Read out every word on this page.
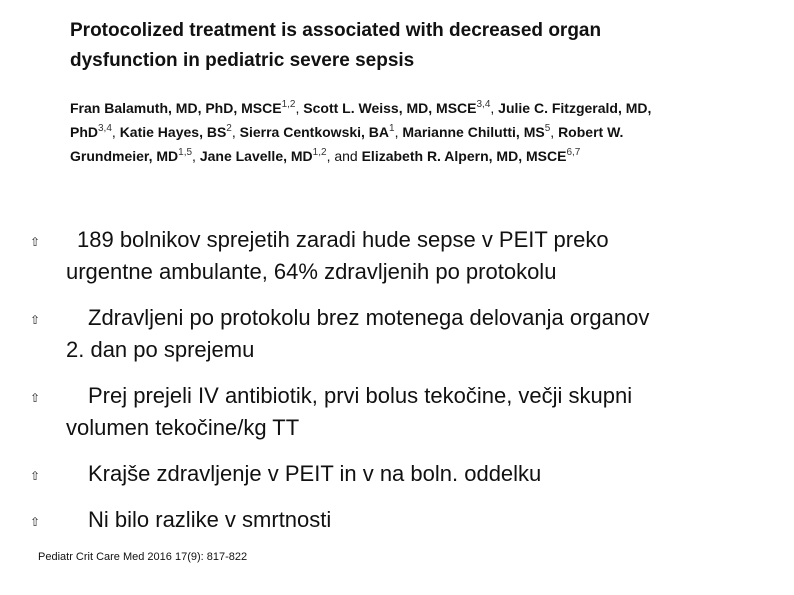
Protocolized treatment is associated with decreased organ
dysfunction in pediatric severe sepsis
Fran Balamuth, MD, PhD, MSCE$^{1,2}$, Scott L. Weiss, MD, MSCE$^{3,4}$, Julie C. Fitzgerald, MD,
PhD$^{3,4}$, Katie Hayes, $BS^2$, Sierra Centkowski, $BA^1$, Marianne Chilutti, $MS^5$, Robert W.
Grundmeier, MD$^{1,5}$, Jane Lavelle, MD$^{1,2}$, and Elizabeth R. Alpern, MD, MSCE$^{6,7}$
⇧ 189 bolnikov sprejetih zaradi hude sepse v PEIT preko
urgentne ambulante, 64% zdravljenih po protokolu
⇧ Zdravljeni po protokolu brez motenega delovanja organov
2. dan po sprejemu
⇧ Prej prejeli IV antibiotik, prvi bolus tekočine, večji skupni
volumen tekočine/kg TT
⇧ Krajše zdravljenje v PEIT in v na boln. oddelku
⇧ Ni bilo razlike v smrtnosti
Pediatr Crit Care Med 2016 17(9): 817-822
